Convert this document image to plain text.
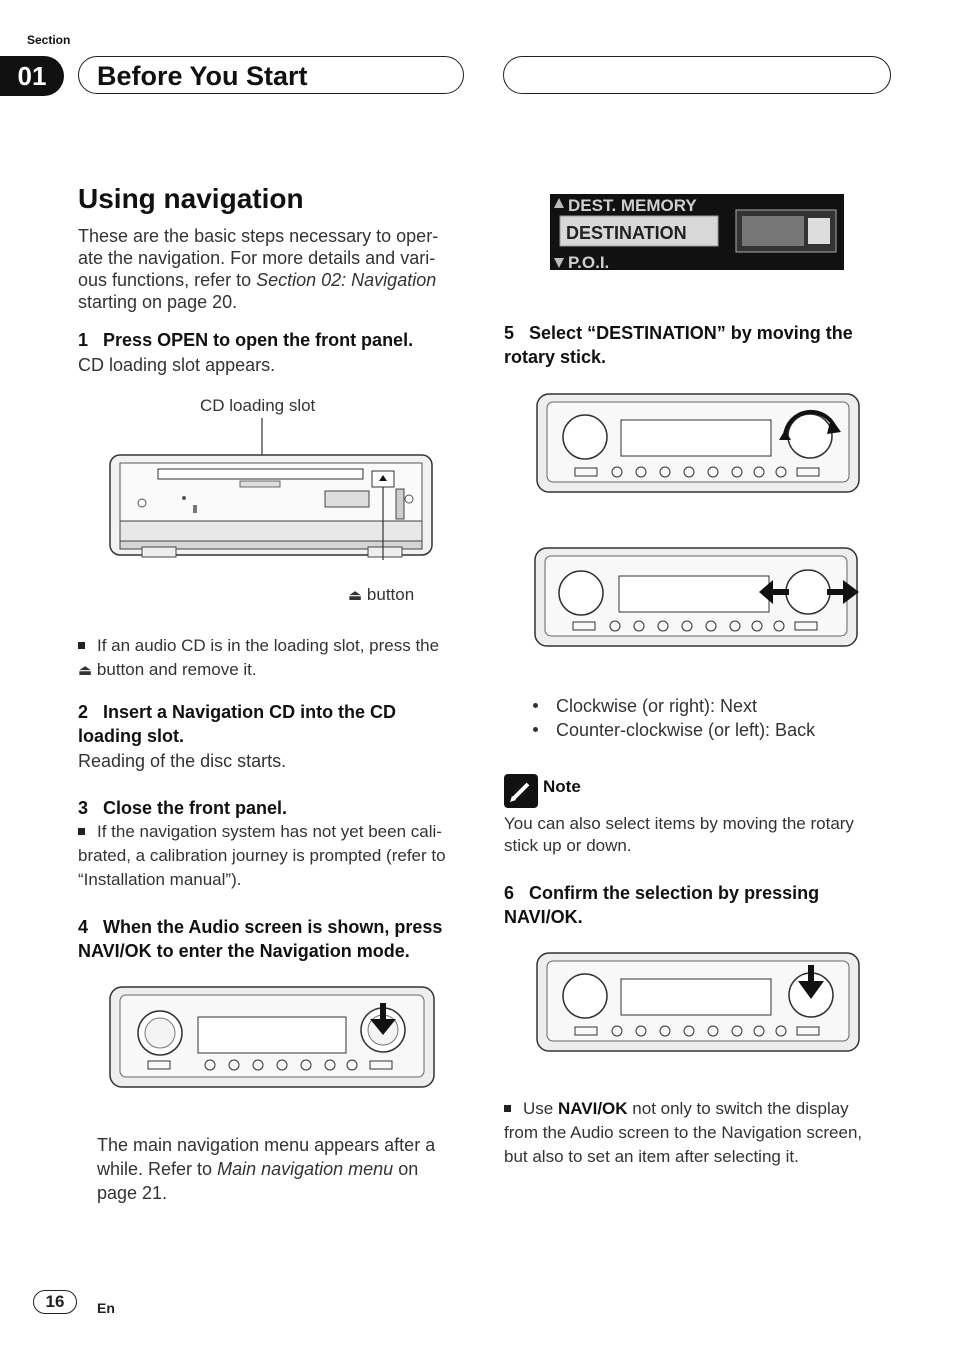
Section
01	Before You Start
Using navigation
These are the basic steps necessary to oper-
ate the navigation. For more details and vari-
ous functions, refer to Section 02: Navigation
starting on page 20.
1 Press OPEN to open the front panel.
CD loading slot appears.
CD loading slot
⏏ button
If an audio CD is in the loading slot, press the
⏏ button and remove it.
2 Insert a Navigation CD into the CD
loading slot.
Reading of the disc starts.
3 Close the front panel.
If the navigation system has not yet been cali-
brated, a calibration journey is prompted (refer to
“Installation manual”).
4 When the Audio screen is shown, press
NAVI/OK to enter the Navigation mode.
The main navigation menu appears after a
while. Refer to Main navigation menu on
page 21.
DEST. MEMORY
DESTINATION
P.O.I.
5 Select “DESTINATION” by moving the
rotary stick.
Clockwise (or right): Next
Counter-clockwise (or left): Back
Note
You can also select items by moving the rotary
stick up or down.
6 Confirm the selection by pressing
NAVI/OK.
Use NAVI/OK not only to switch the display
from the Audio screen to the Navigation screen,
but also to set an item after selecting it.
16	En
